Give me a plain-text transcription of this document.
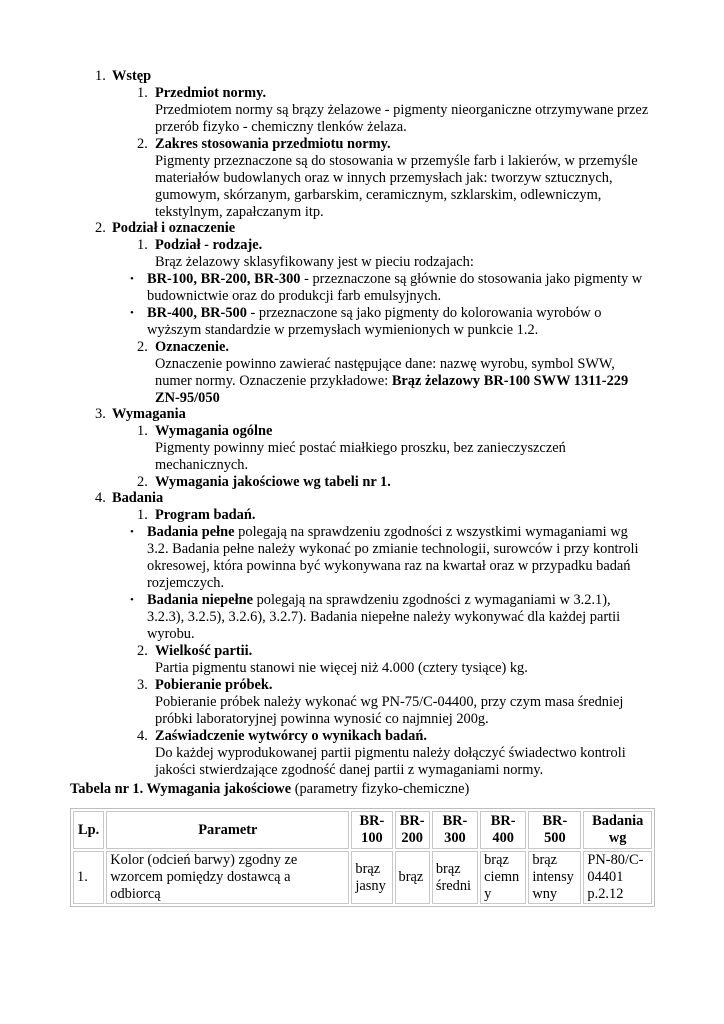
1. Wstęp
1. Przedmiot normy.
Przedmiotem normy są brązy żelazowe - pigmenty nieorganiczne otrzymywane przez
przerób fizyko - chemiczny tlenków żelaza.
2. Zakres stosowania przedmiotu normy.
Pigmenty przeznaczone są do stosowania w przemyśle farb i lakierów, w przemyśle
materiałów budowlanych oraz w innych przemysłach jak: tworzyw sztucznych,
gumowym, skórzanym, garbarskim, ceramicznym, szklarskim, odlewniczym,
tekstylnym, zapałczanym itp.
2. Podział i oznaczenie
1. Podział - rodzaje.
Brąz żelazowy sklasyfikowany jest w pieciu rodzajach:
• BR-100, BR-200, BR-300 - przeznaczone są głównie do stosowania jako pigmenty w
budownictwie oraz do produkcji farb emulsyjnych.
• BR-400, BR-500 - przeznaczone są jako pigmenty do kolorowania wyrobów o
wyższym standardzie w przemysłach wymienionych w punkcie 1.2.
2. Oznaczenie.
Oznaczenie powinno zawierać następujące dane: nazwę wyrobu, symbol SWW,
numer normy. Oznaczenie przykładowe: Brąz żelazowy BR-100 SWW 1311-229
ZN-95/050
3. Wymagania
1. Wymagania ogólne
Pigmenty powinny mieć postać miałkiego proszku, bez zanieczyszczeń
mechanicznych.
2. Wymagania jakościowe wg tabeli nr 1.
4. Badania
1. Program badań.
• Badania pełne polegają na sprawdzeniu zgodności z wszystkimi wymaganiami wg
3.2. Badania pełne należy wykonać po zmianie technologii, surowców i przy kontroli
okresowej, która powinna być wykonywana raz na kwartał oraz w przypadku badań
rozjemczych.
• Badania niepełne polegają na sprawdzeniu zgodności z wymaganiami w 3.2.1),
3.2.3), 3.2.5), 3.2.6), 3.2.7). Badania niepełne należy wykonywać dla każdej partii
wyrobu.
2. Wielkość partii.
Partia pigmentu stanowi nie więcej niż 4.000 (cztery tysiące) kg.
3. Pobieranie próbek.
Pobieranie próbek należy wykonać wg PN-75/C-04400, przy czym masa średniej
próbki laboratoryjnej powinna wynosić co najmniej 200g.
4. Zaświadczenie wytwórcy o wynikach badań.
Do każdej wyprodukowanej partii pigmentu należy dołączyć świadectwo kontroli
jakości stwierdzające zgodność danej partii z wymaganiami normy.
Tabela nr 1. Wymagania jakościowe (parametry fizyko-chemiczne)
Lp.	Parametr	BR-
100	BR-
200	BR-
300	BR-
400	BR-500	Badania
wg
1.	Kolor (odcień barwy) zgodny ze
wzorcem pomiędzy dostawcą a
odbiorcą	brąz
jasny	brąz	brąz
średni	brąz
ciemn
y	brąz
intensy
wny	PN-80/C-
04401
p.2.12
